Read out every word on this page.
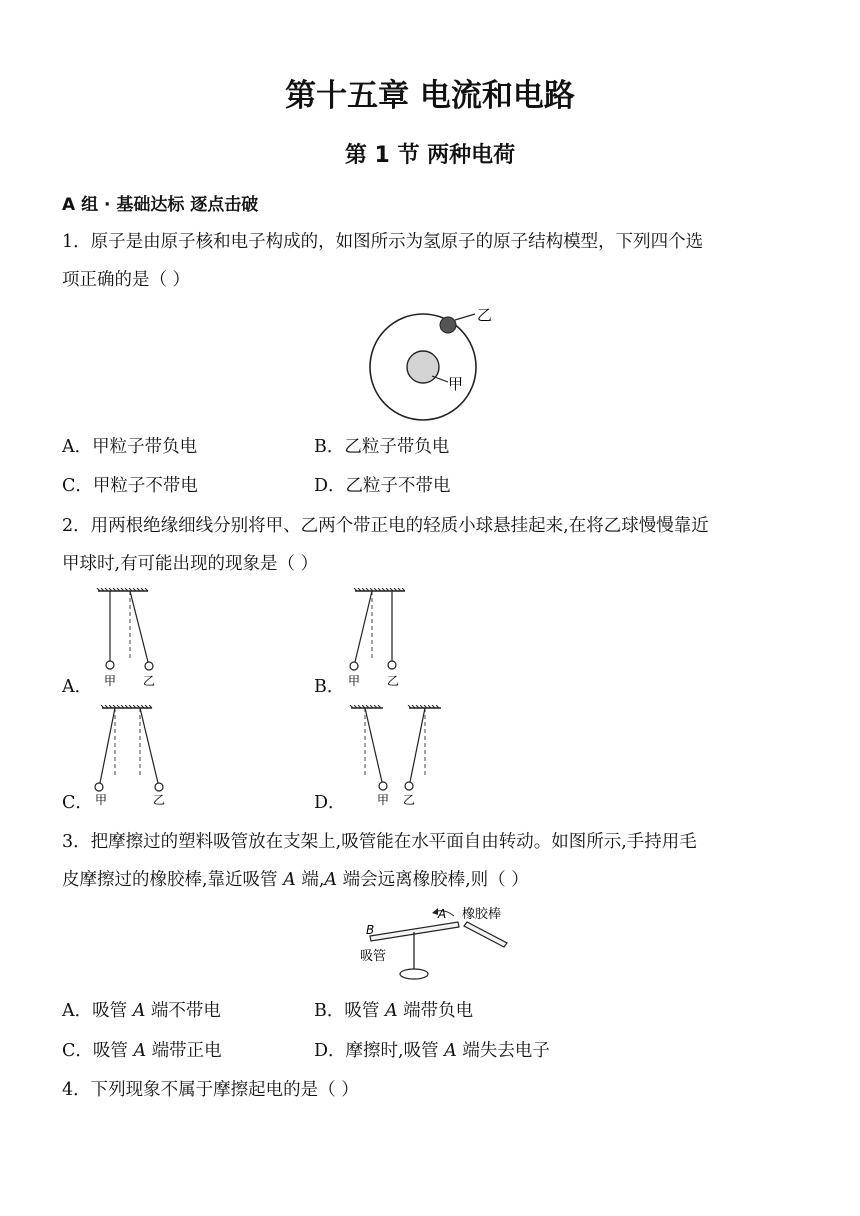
第十五章 电流和电路
第 1 节 两种电荷
A 组 · 基础达标 逐点击破
1．原子是由原子核和电子构成的，如图所示为氢原子的原子结构模型，下列四个选
项正确的是（ ）
乙
甲
A．甲粒子带负电	B．乙粒子带负电
C．甲粒子不带电	D．乙粒子不带电
2．用两根绝缘细线分别将甲、乙两个带正电的轻质小球悬挂起来,在将乙球慢慢靠近
甲球时,有可能出现的现象是（ ）
A． 甲 乙	B． 甲 乙
C． 甲	乙	D．	甲 乙
3．把摩擦过的塑料吸管放在支架上,吸管能在水平面自由转动。如图所示,手持用毛
皮摩擦过的橡胶棒,靠近吸管 A 端,A 端会远离橡胶棒,则（ ）
A
B
橡胶棒
吸管
A．吸管 A 端不带电	B．吸管 A 端带负电
C．吸管 A 端带正电	D．摩擦时,吸管 A 端失去电子
4．下列现象不属于摩擦起电的是（ ）
